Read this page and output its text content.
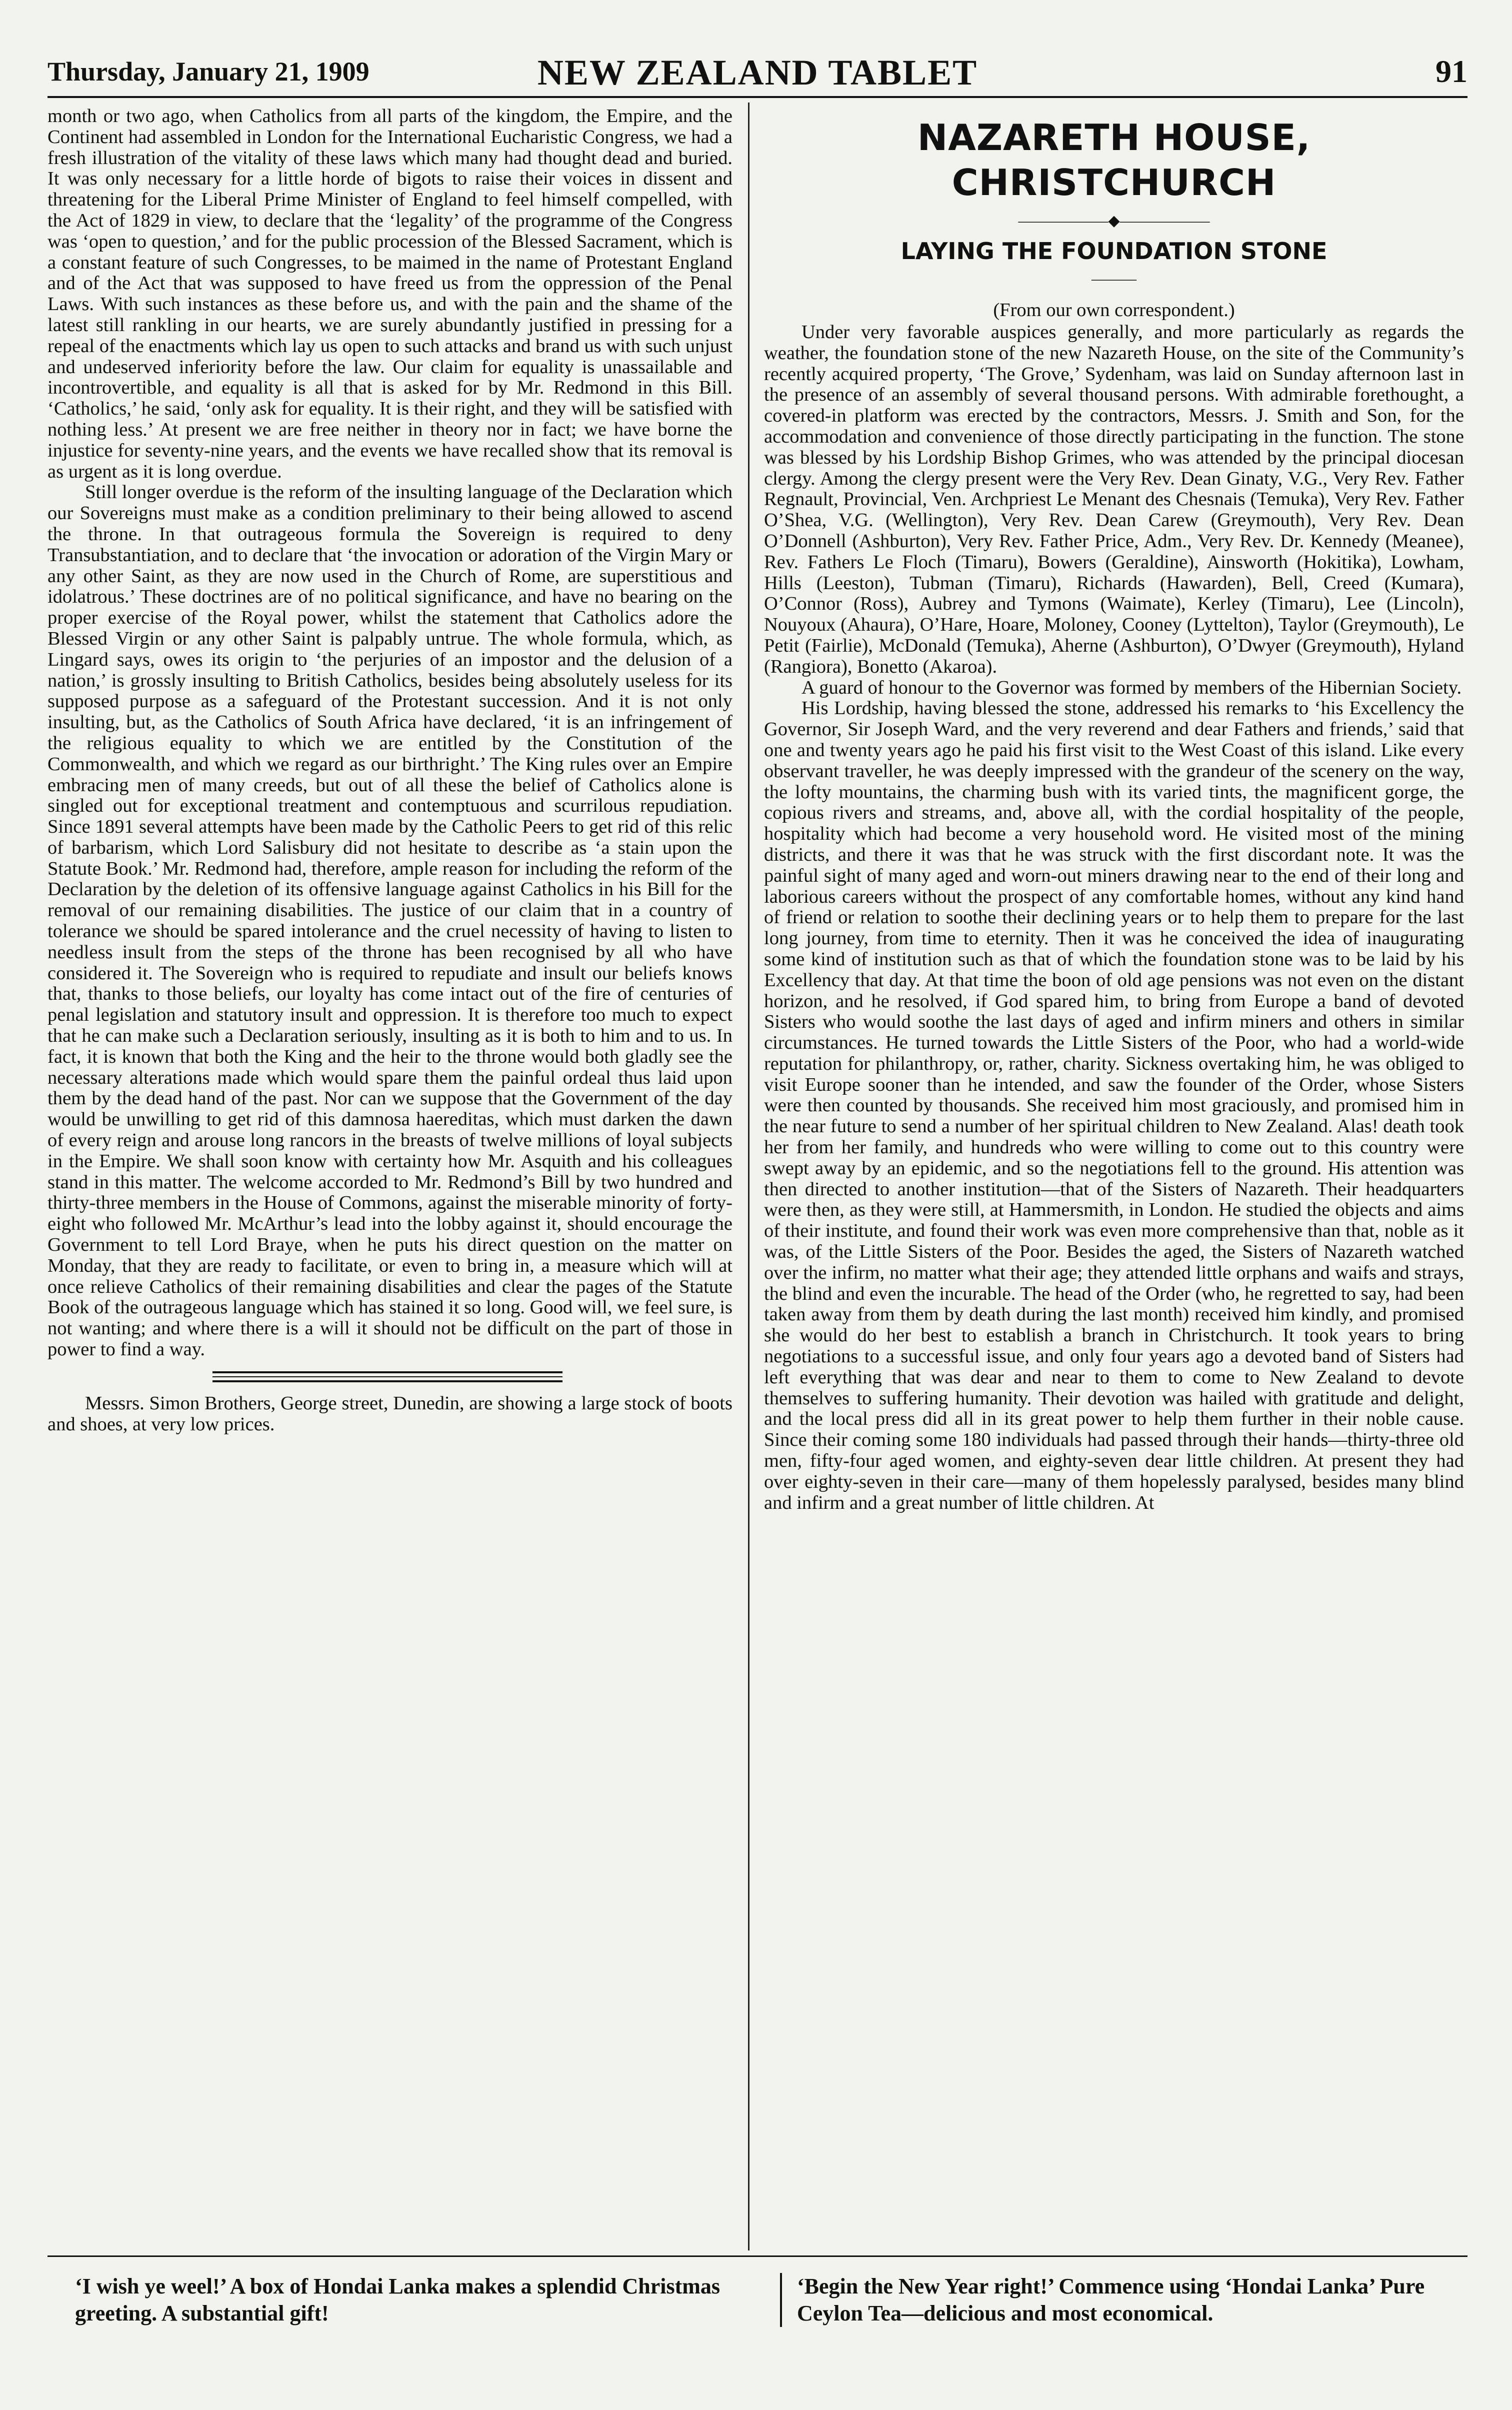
Thursday, January 21, 1909	NEW ZEALAND TABLET	91

month or two ago, when Catholics from all parts of the kingdom, the Empire, and the Continent had assembled in London for the International Eucharistic Congress, we had a fresh illustration of the vitality of these laws which many had thought dead and buried. It was only necessary for a little horde of bigots to raise their voices in dissent and threatening for the Liberal Prime Minister of England to feel himself compelled, with the Act of 1829 in view, to declare that the ‘legality’ of the programme of the Congress was ‘open to question,’ and for the public procession of the Blessed Sacrament, which is a constant feature of such Congresses, to be maimed in the name of Protestant England and of the Act that was supposed to have freed us from the oppression of the Penal Laws. With such instances as these before us, and with the pain and the shame of the latest still rankling in our hearts, we are surely abundantly justified in pressing for a repeal of the enactments which lay us open to such attacks and brand us with such unjust and undeserved inferiority before the law. Our claim for equality is unassailable and incontrovertible, and equality is all that is asked for by Mr. Redmond in this Bill. ‘Catholics,’ he said, ‘only ask for equality. It is their right, and they will be satisfied with nothing less.’ At present we are free neither in theory nor in fact; we have borne the injustice for seventy-nine years, and the events we have recalled show that its removal is as urgent as it is long overdue.

Still longer overdue is the reform of the insulting language of the Declaration which our Sovereigns must make as a condition preliminary to their being allowed to ascend the throne. In that outrageous formula the Sovereign is required to deny Transubstantiation, and to declare that ‘the invocation or adoration of the Virgin Mary or any other Saint, as they are now used in the Church of Rome, are superstitious and idolatrous.’ These doctrines are of no political significance, and have no bearing on the proper exercise of the Royal power, whilst the statement that Catholics adore the Blessed Virgin or any other Saint is palpably untrue. The whole formula, which, as Lingard says, owes its origin to ‘the perjuries of an impostor and the delusion of a nation,’ is grossly insulting to British Catholics, besides being absolutely useless for its supposed purpose as a safeguard of the Protestant succession. And it is not only insulting, but, as the Catholics of South Africa have declared, ‘it is an infringement of the religious equality to which we are entitled by the Constitution of the Commonwealth, and which we regard as our birthright.’ The King rules over an Empire embracing men of many creeds, but out of all these the belief of Catholics alone is singled out for exceptional treatment and contemptuous and scurrilous repudiation. Since 1891 several attempts have been made by the Catholic Peers to get rid of this relic of barbarism, which Lord Salisbury did not hesitate to describe as ‘a stain upon the Statute Book.’ Mr. Redmond had, therefore, ample reason for including the reform of the Declaration by the deletion of its offensive language against Catholics in his Bill for the removal of our remaining disabilities. The justice of our claim that in a country of tolerance we should be spared intolerance and the cruel necessity of having to listen to needless insult from the steps of the throne has been recognised by all who have considered it. The Sovereign who is required to repudiate and insult our beliefs knows that, thanks to those beliefs, our loyalty has come intact out of the fire of centuries of penal legislation and statutory insult and oppression. It is therefore too much to expect that he can make such a Declaration seriously, insulting as it is both to him and to us. In fact, it is known that both the King and the heir to the throne would both gladly see the necessary alterations made which would spare them the painful ordeal thus laid upon them by the dead hand of the past. Nor can we suppose that the Government of the day would be unwilling to get rid of this damnosa haereditas, which must darken the dawn of every reign and arouse long rancors in the breasts of twelve millions of loyal subjects in the Empire. We shall soon know with certainty how Mr. Asquith and his colleagues stand in this matter. The welcome accorded to Mr. Redmond’s Bill by two hundred and thirty-three members in the House of Commons, against the miserable minority of forty-eight who followed Mr. McArthur’s lead into the lobby against it, should encourage the Government to tell Lord Braye, when he puts his direct question on the matter on Monday, that they are ready to facilitate, or even to bring in, a measure which will at once relieve Catholics of their remaining disabilities and clear the pages of the Statute Book of the outrageous language which has stained it so long. Good will, we feel sure, is not wanting; and where there is a will it should not be difficult on the part of those in power to find a way.

Messrs. Simon Brothers, George street, Dunedin, are showing a large stock of boots and shoes, at very low prices.

NAZARETH HOUSE, CHRISTCHURCH
——————◆——————
LAYING THE FOUNDATION STONE
———

(From our own correspondent.)

Under very favorable auspices generally, and more particularly as regards the weather, the foundation stone of the new Nazareth House, on the site of the Community’s recently acquired property, ‘The Grove,’ Sydenham, was laid on Sunday afternoon last in the presence of an assembly of several thousand persons. With admirable forethought, a covered-in platform was erected by the contractors, Messrs. J. Smith and Son, for the accommodation and convenience of those directly participating in the function. The stone was blessed by his Lordship Bishop Grimes, who was attended by the principal diocesan clergy. Among the clergy present were the Very Rev. Dean Ginaty, V.G., Very Rev. Father Regnault, Provincial, Ven. Archpriest Le Menant des Chesnais (Temuka), Very Rev. Father O’Shea, V.G. (Wellington), Very Rev. Dean Carew (Greymouth), Very Rev. Dean O’Donnell (Ashburton), Very Rev. Father Price, Adm., Very Rev. Dr. Kennedy (Meanee), Rev. Fathers Le Floch (Timaru), Bowers (Geraldine), Ainsworth (Hokitika), Lowham, Hills (Leeston), Tubman (Timaru), Richards (Hawarden), Bell, Creed (Kumara), O’Connor (Ross), Aubrey and Tymons (Waimate), Kerley (Timaru), Lee (Lincoln), Nouyoux (Ahaura), O’Hare, Hoare, Moloney, Cooney (Lyttelton), Taylor (Greymouth), Le Petit (Fairlie), McDonald (Temuka), Aherne (Ashburton), O’Dwyer (Greymouth), Hyland (Rangiora), Bonetto (Akaroa).

A guard of honour to the Governor was formed by members of the Hibernian Society.

His Lordship, having blessed the stone, addressed his remarks to ‘his Excellency the Governor, Sir Joseph Ward, and the very reverend and dear Fathers and friends,’ said that one and twenty years ago he paid his first visit to the West Coast of this island. Like every observant traveller, he was deeply impressed with the grandeur of the scenery on the way, the lofty mountains, the charming bush with its varied tints, the magnificent gorge, the copious rivers and streams, and, above all, with the cordial hospitality of the people, hospitality which had become a very household word. He visited most of the mining districts, and there it was that he was struck with the first discordant note. It was the painful sight of many aged and worn-out miners drawing near to the end of their long and laborious careers without the prospect of any comfortable homes, without any kind hand of friend or relation to soothe their declining years or to help them to prepare for the last long journey, from time to eternity. Then it was he conceived the idea of inaugurating some kind of institution such as that of which the foundation stone was to be laid by his Excellency that day. At that time the boon of old age pensions was not even on the distant horizon, and he resolved, if God spared him, to bring from Europe a band of devoted Sisters who would soothe the last days of aged and infirm miners and others in similar circumstances. He turned towards the Little Sisters of the Poor, who had a world-wide reputation for philanthropy, or, rather, charity. Sickness overtaking him, he was obliged to visit Europe sooner than he intended, and saw the founder of the Order, whose Sisters were then counted by thousands. She received him most graciously, and promised him in the near future to send a number of her spiritual children to New Zealand. Alas! death took her from her family, and hundreds who were willing to come out to this country were swept away by an epidemic, and so the negotiations fell to the ground. His attention was then directed to another institution—that of the Sisters of Nazareth. Their headquarters were then, as they were still, at Hammersmith, in London. He studied the objects and aims of their institute, and found their work was even more comprehensive than that, noble as it was, of the Little Sisters of the Poor. Besides the aged, the Sisters of Nazareth watched over the infirm, no matter what their age; they attended little orphans and waifs and strays, the blind and even the incurable. The head of the Order (who, he regretted to say, had been taken away from them by death during the last month) received him kindly, and promised she would do her best to establish a branch in Christchurch. It took years to bring negotiations to a successful issue, and only four years ago a devoted band of Sisters had left everything that was dear and near to them to come to New Zealand to devote themselves to suffering humanity. Their devotion was hailed with gratitude and delight, and the local press did all in its great power to help them further in their noble cause. Since their coming some 180 individuals had passed through their hands—thirty-three old men, fifty-four aged women, and eighty-seven dear little children. At present they had over eighty-seven in their care—many of them hopelessly paralysed, besides many blind and infirm and a great number of little children. At

‘I wish ye weel!’ A box of Hondai Lanka makes a splendid Christmas greeting. A substantial gift!
‘Begin the New Year right!’ Commence using ‘Hondai Lanka’ Pure Ceylon Tea—delicious and most economical.
